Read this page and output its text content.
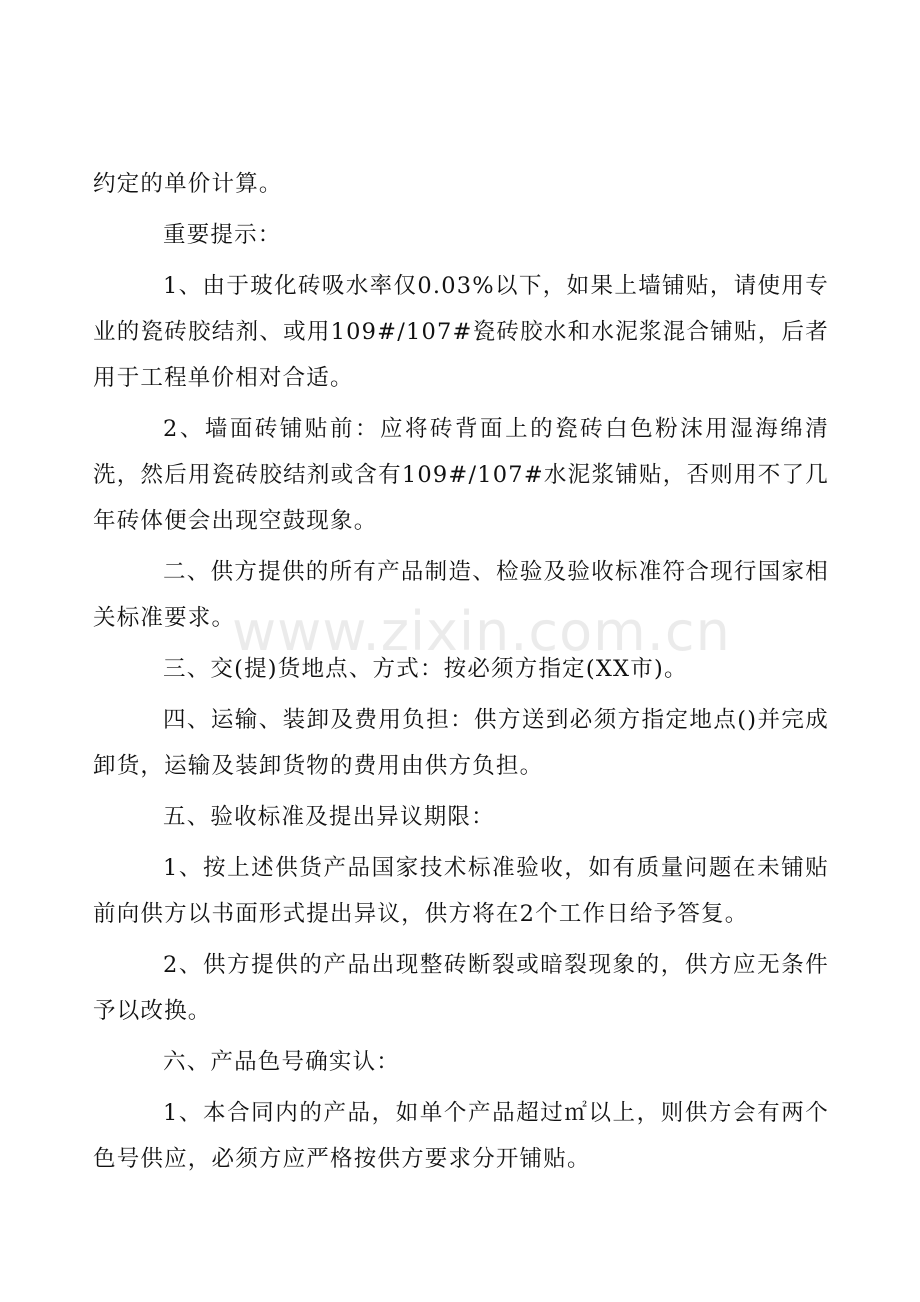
约定的单价计算。

重要提示：

1、由于玻化砖吸水率仅0.03%以下，如果上墙铺贴，请使用专业的瓷砖胶结剂、或用109#/107#瓷砖胶水和水泥浆混合铺贴，后者用于工程单价相对合适。

2、墙面砖铺贴前：应将砖背面上的瓷砖白色粉沫用湿海绵清洗，然后用瓷砖胶结剂或含有109#/107#水泥浆铺贴，否则用不了几年砖体便会出现空鼓现象。

二、供方提供的所有产品制造、检验及验收标准符合现行国家相关标准要求。

三、交(提)货地点、方式：按必须方指定(XX市)。

四、运输、装卸及费用负担：供方送到必须方指定地点()并完成卸货，运输及装卸货物的费用由供方负担。

五、验收标准及提出异议期限：

1、按上述供货产品国家技术标准验收，如有质量问题在未铺贴前向供方以书面形式提出异议，供方将在2个工作日给予答复。

2、供方提供的产品出现整砖断裂或暗裂现象的，供方应无条件予以改换。

六、产品色号确实认：

1、本合同内的产品，如单个产品超过㎡以上，则供方会有两个色号供应，必须方应严格按供方要求分开铺贴。

www.zixin.com.cn
